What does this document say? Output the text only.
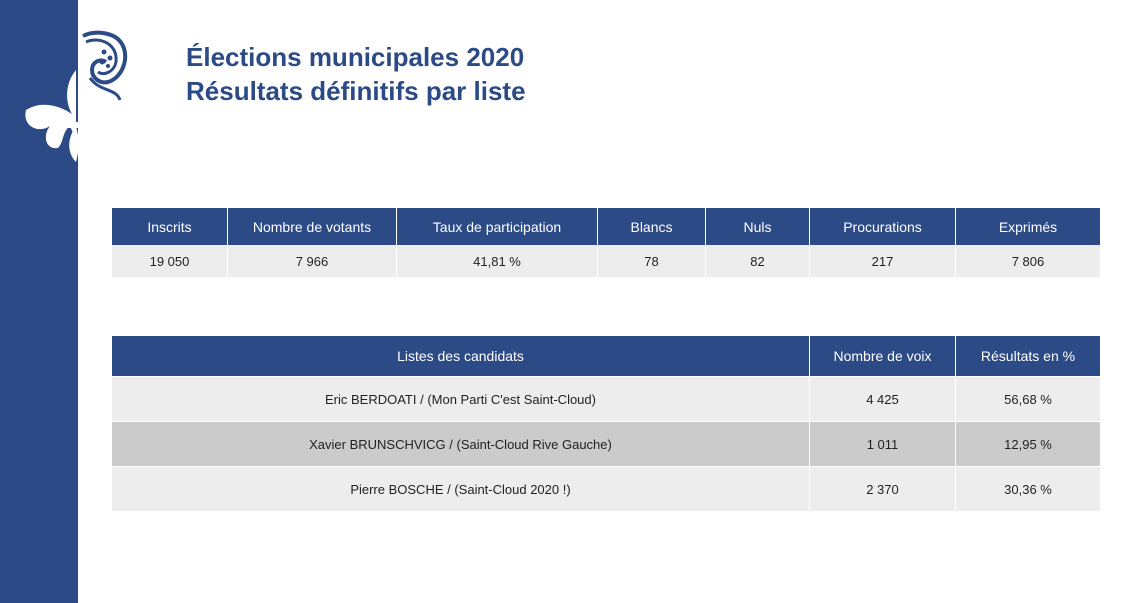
Élections municipales 2020
Résultats définitifs par liste
Inscrits	Nombre de votants	Taux de participation	Blancs	Nuls	Procurations	Exprimés
19 050	7 966	41,81 %	78	82	217	7 806
Listes des candidats	Nombre de voix	Résultats en %
Eric BERDOATI / (Mon Parti C'est Saint-Cloud)	4 425	56,68 %
Xavier BRUNSCHVICG / (Saint-Cloud Rive Gauche)	1 011	12,95 %
Pierre BOSCHE / (Saint-Cloud 2020 !)	2 370	30,36 %
